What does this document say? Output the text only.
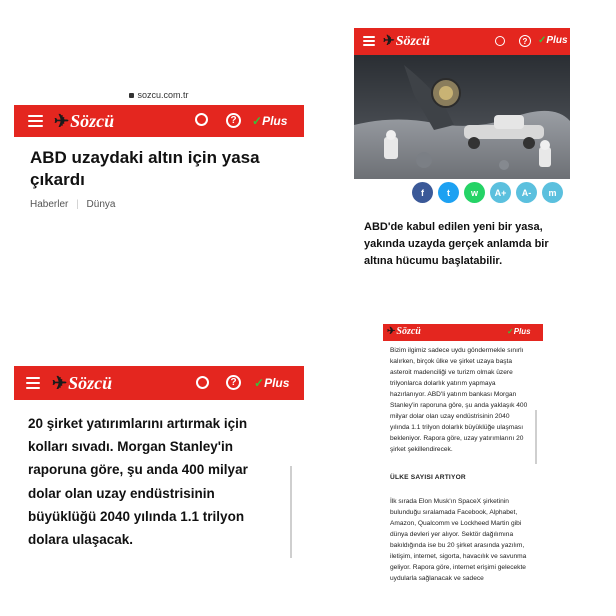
sozcu.com.tr
✈Sözcü	? ✓Plus
ABD uzaydaki altın için yasa çıkardı
Haberler | Dünya
✈Sözcü	? ✓Plus
f	t	w	A+	A-	m
ABD'de kabul edilen yeni bir yasa, yakında uzayda gerçek anlamda bir altına hücumu başlatabilir.
✈Sözcü	? ✓Plus
20 şirket yatırımlarını artırmak için kolları sıvadı. Morgan Stanley'in raporuna göre, şu anda 400 milyar dolar olan uzay endüstrisinin büyüklüğü 2040 yılında 1.1 trilyon dolara ulaşacak.
✈Sözcü	✓Plus
Bizim ilgimiz sadece uydu göndermekle sınırlı kalırken, birçok ülke ve şirket uzaya başta asteroit madenciliği ve turizm olmak üzere trilyonlarca dolarlık yatırım yapmaya hazırlanıyor. ABD'li yatırım bankası Morgan Stanley'in raporuna göre, şu anda yaklaşık 400 milyar dolar olan uzay endüstrisinin 2040 yılında 1.1 trilyon dolarlık büyüklüğe ulaşması bekleniyor. Rapora göre, uzay yatırımlarını 20 şirket şekillendirecek.
ÜLKE SAYISI ARTIYOR
İlk sırada Elon Musk'ın SpaceX şirketinin bulunduğu sıralamada Facebook, Alphabet, Amazon, Qualcomm ve Lockheed Martin gibi dünya devleri yer alıyor. Sektör dağılımına bakıldığında ise bu 20 şirket arasında yazılım, iletişim, internet, sigorta, havacılık ve savunma geliyor. Rapora göre, internet erişimi gelecekte uydularla sağlanacak ve sadece
